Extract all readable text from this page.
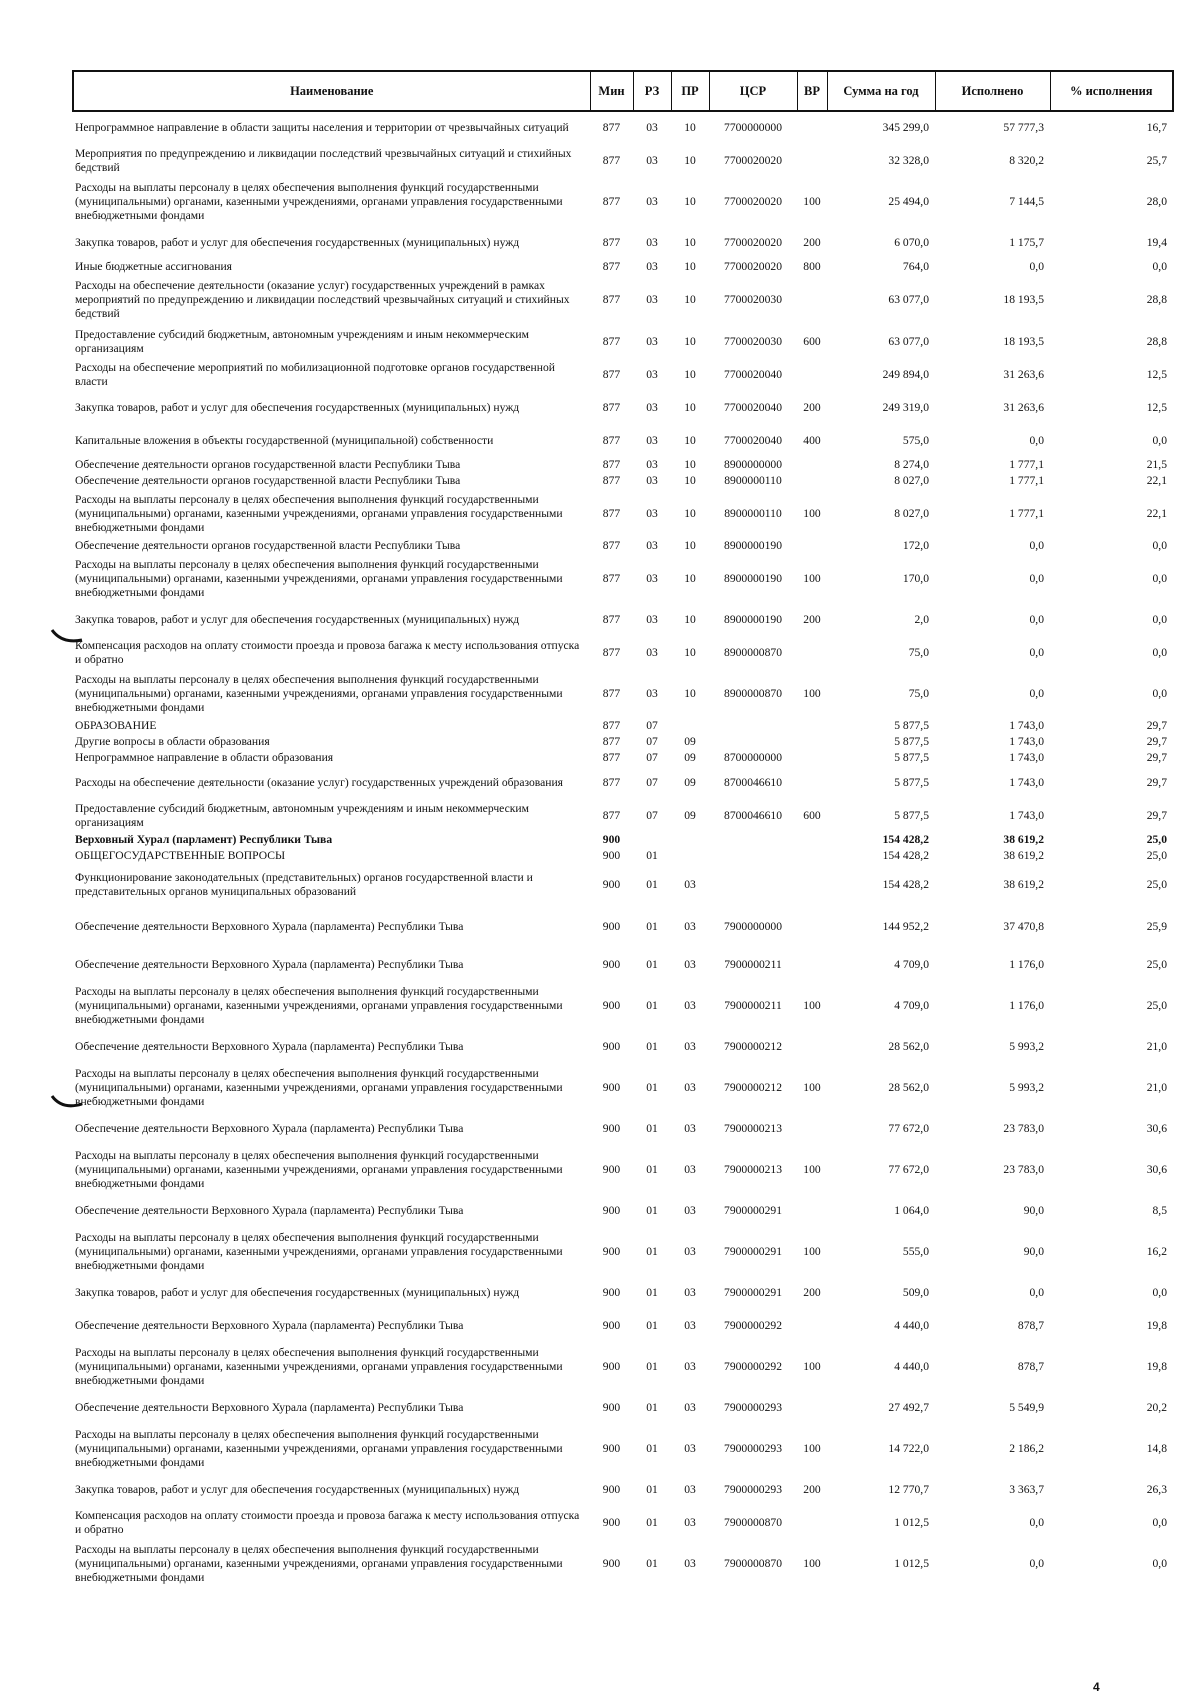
Наименование	Мин	РЗ	ПР	ЦСР	ВР	Сумма на год	Исполнено	% исполнения
Непрограммное направление в области защиты населения и территории от чрезвычайных ситуаций	877	03	10	7700000000		345 299,0	57 777,3	16,7
Мероприятия по предупреждению и ликвидации последствий чрезвычайных ситуаций и стихийных бедствий	877	03	10	7700020020		32 328,0	8 320,2	25,7
Расходы на выплаты персоналу в целях обеспечения выполнения функций государственными (муниципальными) органами, казенными учреждениями, органами управления государственными внебюджетными фондами	877	03	10	7700020020	100	25 494,0	7 144,5	28,0
Закупка товаров, работ и услуг для обеспечения государственных (муниципальных) нужд	877	03	10	7700020020	200	6 070,0	1 175,7	19,4
Иные бюджетные ассигнования	877	03	10	7700020020	800	764,0	0,0	0,0
Расходы на обеспечение деятельности (оказание услуг) государственных учреждений в рамках мероприятий по предупреждению и ликвидации последствий чрезвычайных ситуаций и стихийных бедствий	877	03	10	7700020030		63 077,0	18 193,5	28,8
Предоставление субсидий бюджетным, автономным учреждениям и иным некоммерческим организациям	877	03	10	7700020030	600	63 077,0	18 193,5	28,8
Расходы на обеспечение мероприятий по мобилизационной подготовке органов государственной власти	877	03	10	7700020040		249 894,0	31 263,6	12,5
Закупка товаров, работ и услуг для обеспечения государственных (муниципальных) нужд	877	03	10	7700020040	200	249 319,0	31 263,6	12,5
Капитальные вложения в объекты государственной (муниципальной) собственности	877	03	10	7700020040	400	575,0	0,0	0,0
Обеспечение деятельности органов государственной власти Республики Тыва	877	03	10	8900000000		8 274,0	1 777,1	21,5
Обеспечение деятельности органов государственной власти Республики Тыва	877	03	10	8900000110		8 027,0	1 777,1	22,1
Расходы на выплаты персоналу в целях обеспечения выполнения функций государственными (муниципальными) органами, казенными учреждениями, органами управления государственными внебюджетными фондами	877	03	10	8900000110	100	8 027,0	1 777,1	22,1
Обеспечение деятельности органов государственной власти Республики Тыва	877	03	10	8900000190		172,0	0,0	0,0
Расходы на выплаты персоналу в целях обеспечения выполнения функций государственными (муниципальными) органами, казенными учреждениями, органами управления государственными внебюджетными фондами	877	03	10	8900000190	100	170,0	0,0	0,0
Закупка товаров, работ и услуг для обеспечения государственных (муниципальных) нужд	877	03	10	8900000190	200	2,0	0,0	0,0
Компенсация расходов на оплату стоимости проезда и провоза багажа к месту использования отпуска и обратно	877	03	10	8900000870		75,0	0,0	0,0
Расходы на выплаты персоналу в целях обеспечения выполнения функций государственными (муниципальными) органами, казенными учреждениями, органами управления государственными внебюджетными фондами	877	03	10	8900000870	100	75,0	0,0	0,0
ОБРАЗОВАНИЕ	877	07				5 877,5	1 743,0	29,7
Другие вопросы в области образования	877	07	09			5 877,5	1 743,0	29,7
Непрограммное направление в области образования	877	07	09	8700000000		5 877,5	1 743,0	29,7
Расходы на обеспечение деятельности (оказание услуг) государственных учреждений образования	877	07	09	8700046610		5 877,5	1 743,0	29,7
Предоставление субсидий бюджетным, автономным учреждениям и иным некоммерческим организациям	877	07	09	8700046610	600	5 877,5	1 743,0	29,7
Верховный Хурал (парламент) Республики Тыва	900					154 428,2	38 619,2	25,0
ОБЩЕГОСУДАРСТВЕННЫЕ ВОПРОСЫ	900	01				154 428,2	38 619,2	25,0
Функционирование законодательных (представительных) органов государственной власти и представительных органов муниципальных образований	900	01	03			154 428,2	38 619,2	25,0
Обеспечение деятельности Верховного Хурала (парламента) Республики Тыва	900	01	03	7900000000		144 952,2	37 470,8	25,9
Обеспечение деятельности Верховного Хурала (парламента) Республики Тыва	900	01	03	7900000211		4 709,0	1 176,0	25,0
Расходы на выплаты персоналу в целях обеспечения выполнения функций государственными (муниципальными) органами, казенными учреждениями, органами управления государственными внебюджетными фондами	900	01	03	7900000211	100	4 709,0	1 176,0	25,0
Обеспечение деятельности Верховного Хурала (парламента) Республики Тыва	900	01	03	7900000212		28 562,0	5 993,2	21,0
Расходы на выплаты персоналу в целях обеспечения выполнения функций государственными (муниципальными) органами, казенными учреждениями, органами управления государственными внебюджетными фондами	900	01	03	7900000212	100	28 562,0	5 993,2	21,0
Обеспечение деятельности Верховного Хурала (парламента) Республики Тыва	900	01	03	7900000213		77 672,0	23 783,0	30,6
Расходы на выплаты персоналу в целях обеспечения выполнения функций государственными (муниципальными) органами, казенными учреждениями, органами управления государственными внебюджетными фондами	900	01	03	7900000213	100	77 672,0	23 783,0	30,6
Обеспечение деятельности Верховного Хурала (парламента) Республики Тыва	900	01	03	7900000291		1 064,0	90,0	8,5
Расходы на выплаты персоналу в целях обеспечения выполнения функций государственными (муниципальными) органами, казенными учреждениями, органами управления государственными внебюджетными фондами	900	01	03	7900000291	100	555,0	90,0	16,2
Закупка товаров, работ и услуг для обеспечения государственных (муниципальных) нужд	900	01	03	7900000291	200	509,0	0,0	0,0
Обеспечение деятельности Верховного Хурала (парламента) Республики Тыва	900	01	03	7900000292		4 440,0	878,7	19,8
Расходы на выплаты персоналу в целях обеспечения выполнения функций государственными (муниципальными) органами, казенными учреждениями, органами управления государственными внебюджетными фондами	900	01	03	7900000292	100	4 440,0	878,7	19,8
Обеспечение деятельности Верховного Хурала (парламента) Республики Тыва	900	01	03	7900000293		27 492,7	5 549,9	20,2
Расходы на выплаты персоналу в целях обеспечения выполнения функций государственными (муниципальными) органами, казенными учреждениями, органами управления государственными внебюджетными фондами	900	01	03	7900000293	100	14 722,0	2 186,2	14,8
Закупка товаров, работ и услуг для обеспечения государственных (муниципальных) нужд	900	01	03	7900000293	200	12 770,7	3 363,7	26,3
Компенсация расходов на оплату стоимости проезда и провоза багажа к месту использования отпуска и обратно	900	01	03	7900000870		1 012,5	0,0	0,0
Расходы на выплаты персоналу в целях обеспечения выполнения функций государственными (муниципальными) органами, казенными учреждениями, органами управления государственными внебюджетными фондами	900	01	03	7900000870	100	1 012,5	0,0	0,0
4
